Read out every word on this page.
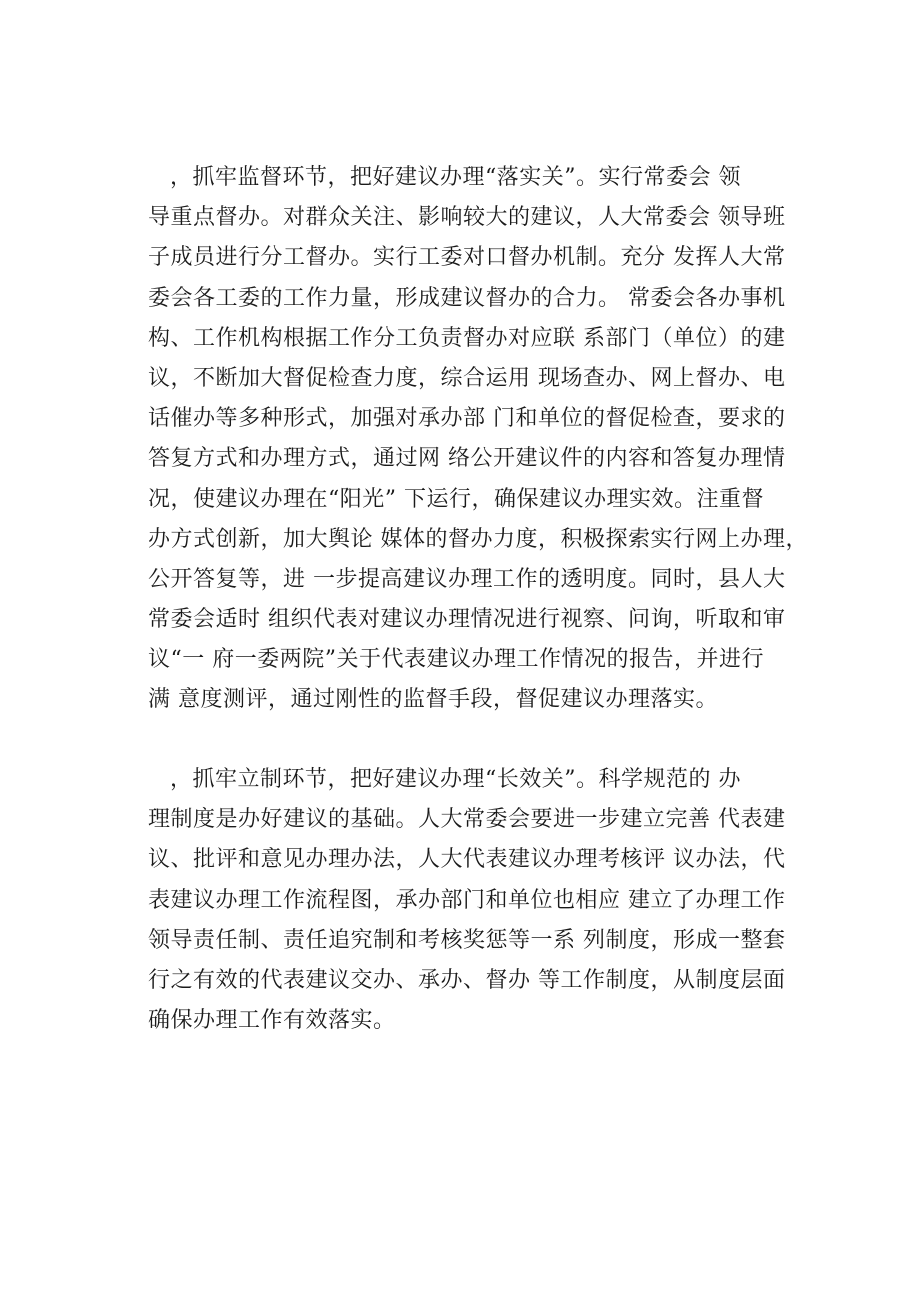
，抓牢监督环节，把好建议办理“落实关”。实行常委会 领
导重点督办。对群众关注、影响较大的建议，人大常委会 领导班
子成员进行分工督办。实行工委对口督办机制。充分 发挥人大常
委会各工委的工作力量，形成建议督办的合力。 常委会各办事机
构、工作机构根据工作分工负责督办对应联 系部门（单位）的建
议，不断加大督促检查力度，综合运用 现场查办、网上督办、电
话催办等多种形式，加强对承办部 门和单位的督促检查，要求的
答复方式和办理方式，通过网 络公开建议件的内容和答复办理情
况，使建议办理在“阳光” 下运行，确保建议办理实效。注重督
办方式创新，加大舆论 媒体的督办力度，积极探索实行网上办理，
公开答复等，进 一步提高建议办理工作的透明度。同时，县人大
常委会适时 组织代表对建议办理情况进行视察、问询，听取和审
议“一 府一委两院”关于代表建议办理工作情况的报告，并进行
满 意度测评，通过刚性的监督手段，督促建议办理落实。
，抓牢立制环节，把好建议办理“长效关”。科学规范的 办
理制度是办好建议的基础。人大常委会要进一步建立完善 代表建
议、批评和意见办理办法，人大代表建议办理考核评 议办法，代
表建议办理工作流程图，承办部门和单位也相应 建立了办理工作
领导责任制、责任追究制和考核奖惩等一系 列制度，形成一整套
行之有效的代表建议交办、承办、督办 等工作制度，从制度层面
确保办理工作有效落实。
